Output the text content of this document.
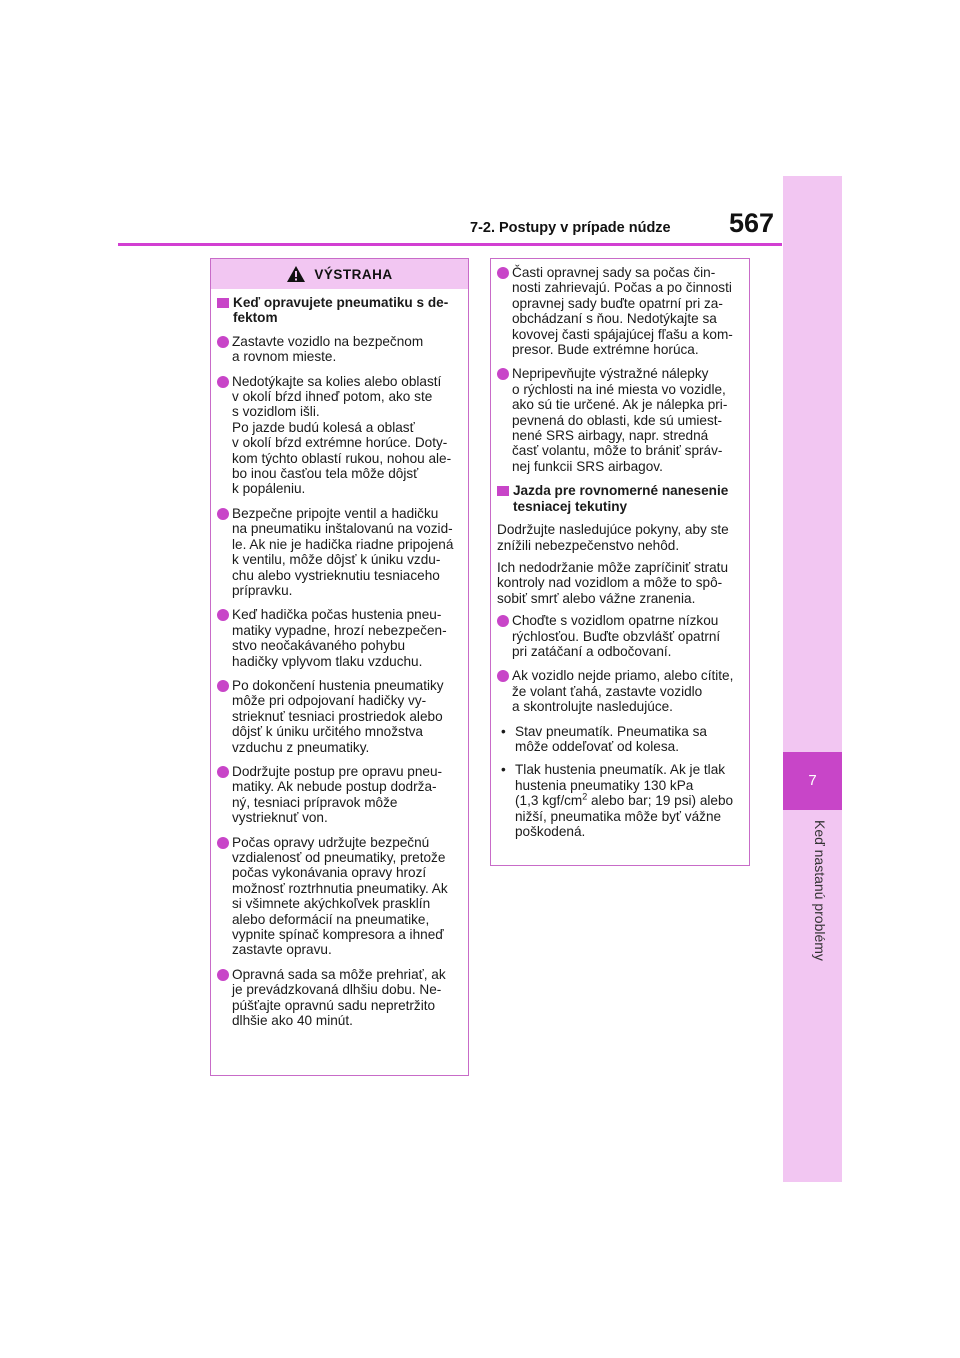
7
Keď nastanú problémy
7-2. Postupy v prípade núdze 567
VÝSTRAHA
Keď opravujete pneumatiku s de-
fektom
Zastavte vozidlo na bezpečnom
a rovnom mieste.
Nedotýkajte sa kolies alebo oblastí
v okolí bŕzd ihneď potom, ako ste
s vozidlom išli.
Po jazde budú kolesá a oblasť
v okolí bŕzd extrémne horúce. Doty-
kom týchto oblastí rukou, nohou ale-
bo inou časťou tela môže dôjsť
k popáleniu.
Bezpečne pripojte ventil a hadičku
na pneumatiku inštalovanú na vozid-
le. Ak nie je hadička riadne pripojená
k ventilu, môže dôjsť k úniku vzdu-
chu alebo vystrieknutiu tesniaceho
prípravku.
Keď hadička počas hustenia pneu-
matiky vypadne, hrozí nebezpečen-
stvo neočakávaného pohybu
hadičky vplyvom tlaku vzduchu.
Po dokončení hustenia pneumatiky
môže pri odpojovaní hadičky vy-
strieknuť tesniaci prostriedok alebo
dôjsť k úniku určitého množstva
vzduchu z pneumatiky.
Dodržujte postup pre opravu pneu-
matiky. Ak nebude postup dodrža-
ný, tesniaci prípravok môže
vystrieknuť von.
Počas opravy udržujte bezpečnú
vzdialenosť od pneumatiky, pretože
počas vykonávania opravy hrozí
možnosť roztrhnutia pneumatiky. Ak
si všimnete akýchkoľvek prasklín
alebo deformácií na pneumatike,
vypnite spínač kompresora a ihneď
zastavte opravu.
Opravná sada sa môže prehriať, ak
je prevádzkovaná dlhšiu dobu. Ne-
púšťajte opravnú sadu nepretržito
dlhšie ako 40 minút.
Časti opravnej sady sa počas čin-
nosti zahrievajú. Počas a po činnosti
opravnej sady buďte opatrní pri za-
obchádzaní s ňou. Nedotýkajte sa
kovovej časti spájajúcej fľašu a kom-
presor. Bude extrémne horúca.
Nepripevňujte výstražné nálepky
o rýchlosti na iné miesta vo vozidle,
ako sú tie určené. Ak je nálepka pri-
pevnená do oblasti, kde sú umiest-
nené SRS airbagy, napr. stredná
časť volantu, môže to brániť správ-
nej funkcii SRS airbagov.
Jazda pre rovnomerné nanesenie
tesniacej tekutiny
Dodržujte nasledujúce pokyny, aby ste
znížili nebezpečenstvo nehôd.
Ich nedodržanie môže zapríčiniť stratu
kontroly nad vozidlom a môže to spô-
sobiť smrť alebo vážne zranenia.
Choďte s vozidlom opatrne nízkou
rýchlosťou. Buďte obzvlášť opatrní
pri zatáčaní a odbočovaní.
Ak vozidlo nejde priamo, alebo cítite,
že volant ťahá, zastavte vozidlo
a skontrolujte nasledujúce.
• Stav pneumatík. Pneumatika sa
môže oddeľovať od kolesa.
• Tlak hustenia pneumatík. Ak je tlak
hustenia pneumatiky 130 kPa
(1,3 kgf/$cm^2$ alebo bar; 19 psi) alebo
nižší, pneumatika môže byť vážne
poškodená.
